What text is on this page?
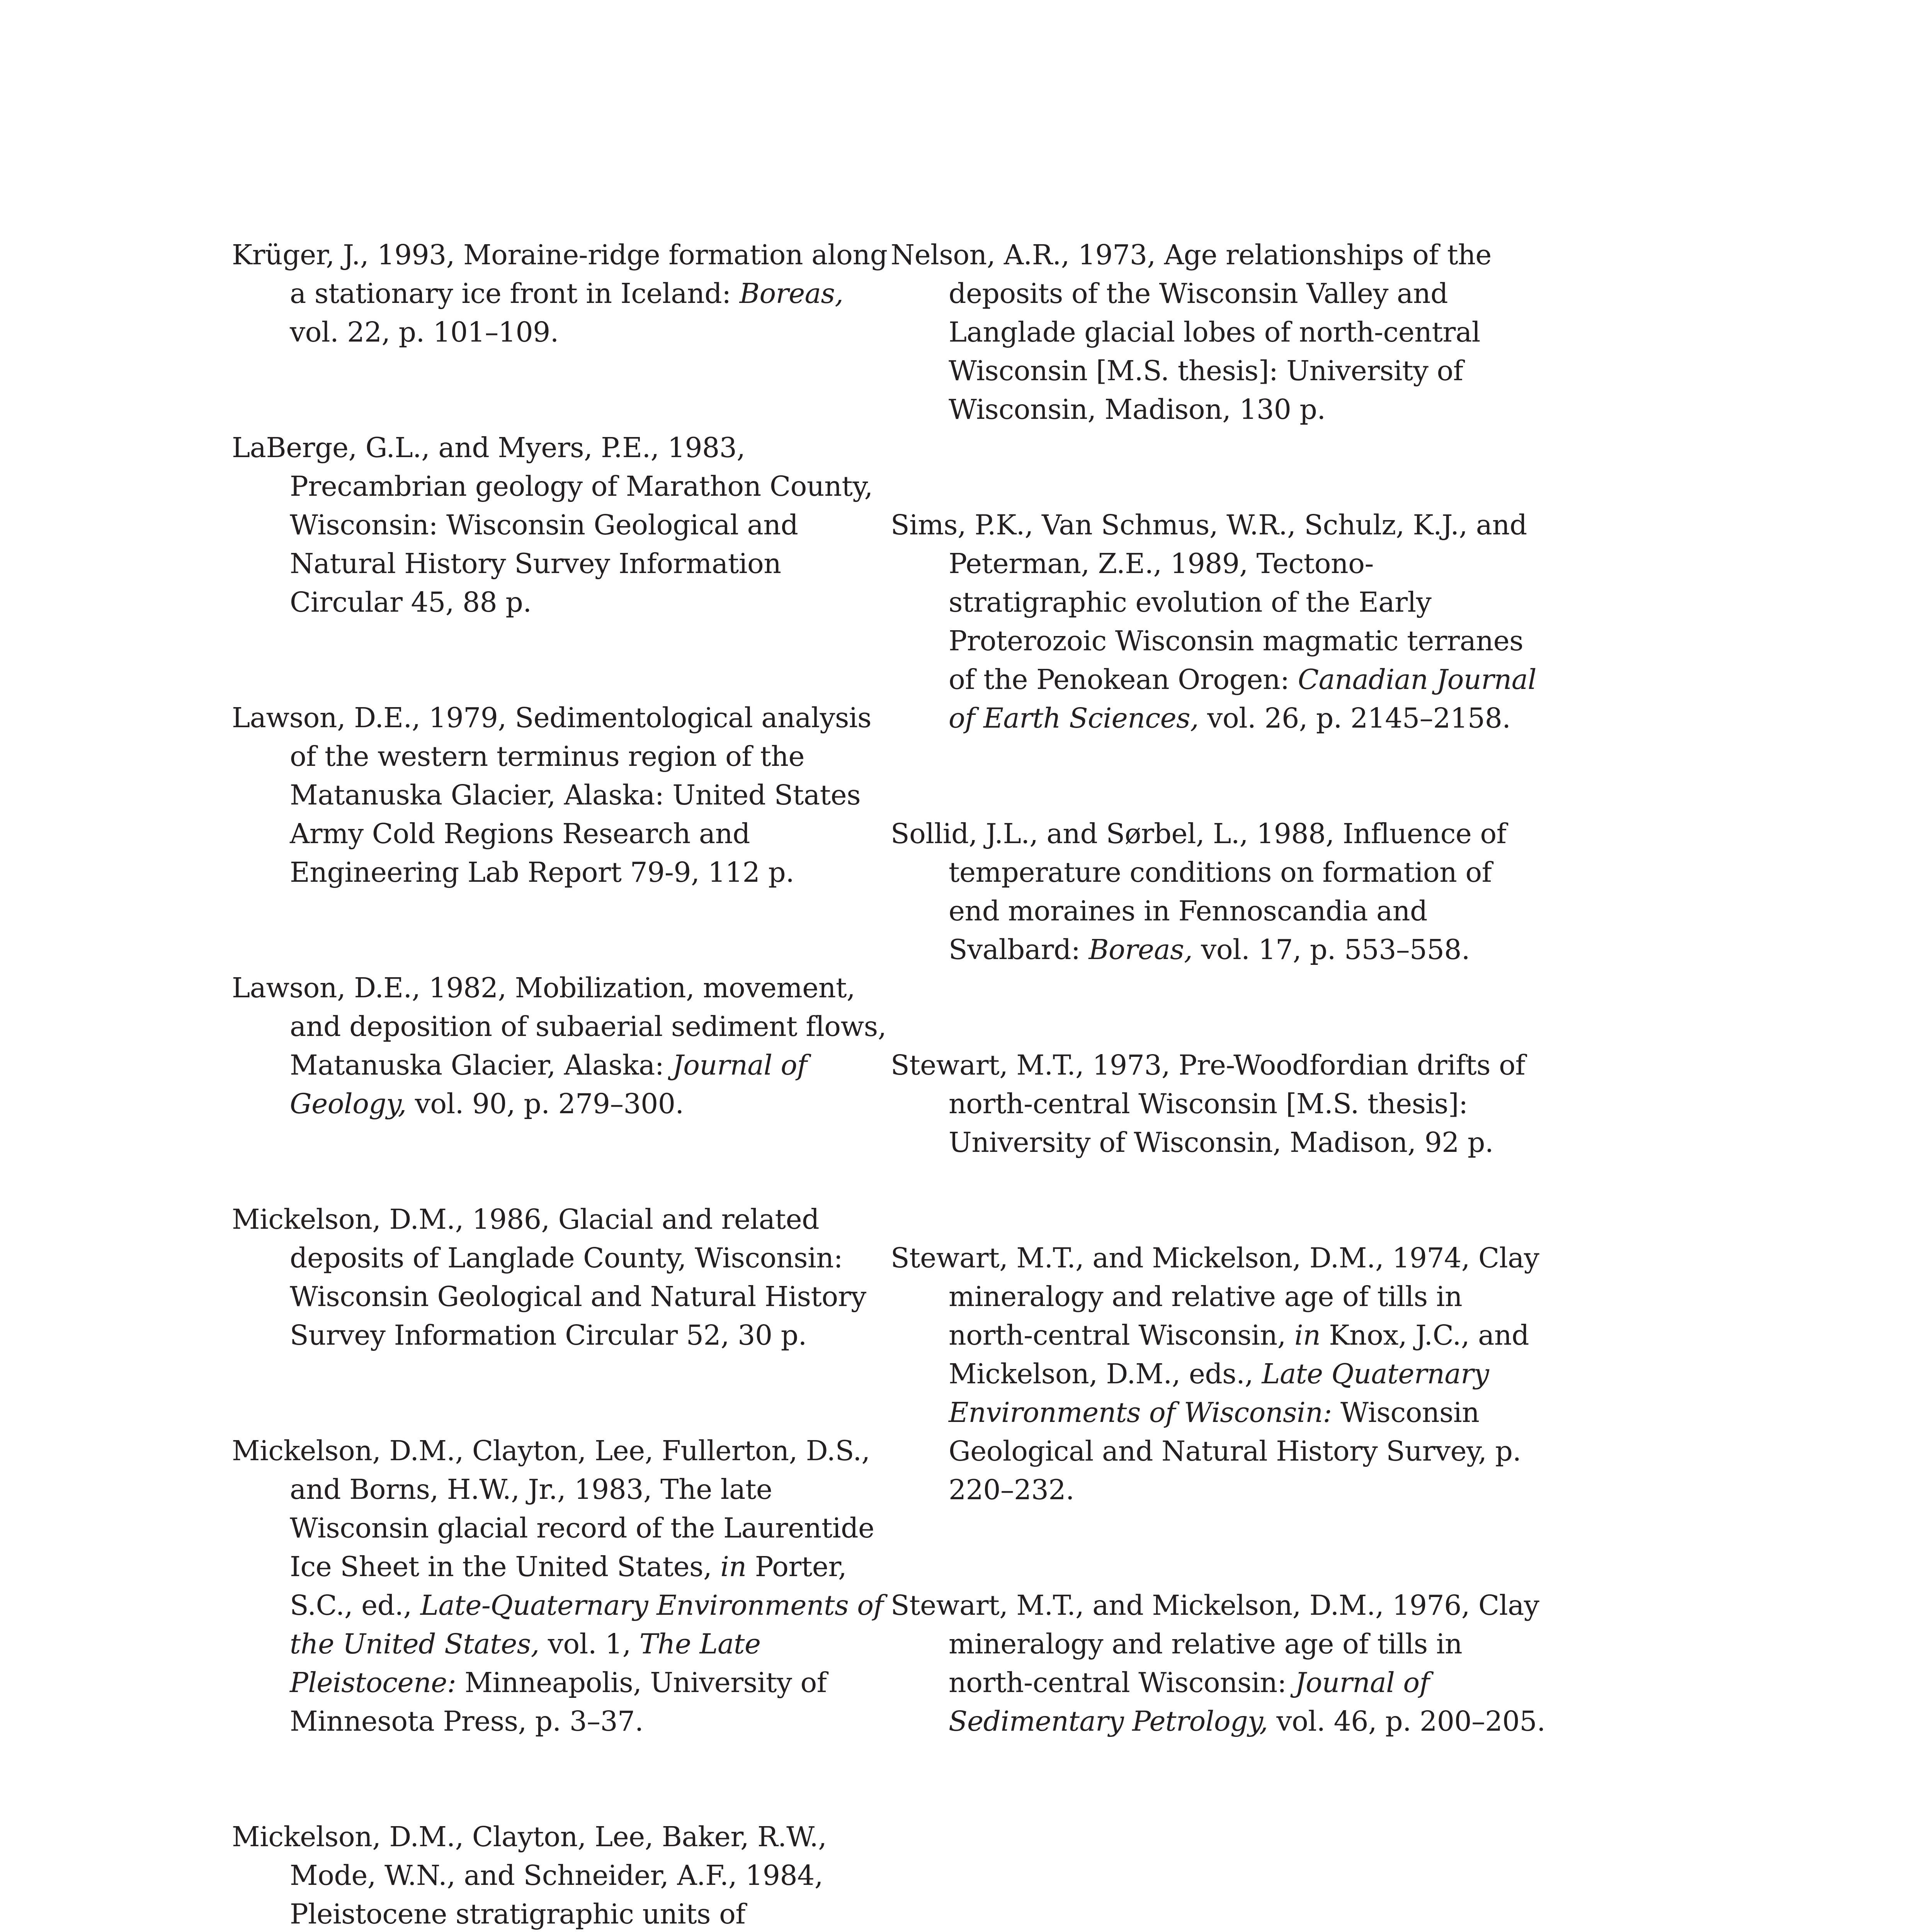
Krüger, J., 1993, Moraine-ridge formation along a stationary ice front in Iceland: Boreas, vol. 22, p. 101–109.

LaBerge, G.L., and Myers, P.E., 1983, Precambrian geology of Marathon County, Wisconsin: Wisconsin Geological and Natural History Survey Information Circular 45, 88 p.

Lawson, D.E., 1979, Sedimentological analysis of the western terminus region of the Matanuska Glacier, Alaska: United States Army Cold Regions Research and Engineering Lab Report 79-9, 112 p.

Lawson, D.E., 1982, Mobilization, movement, and deposition of subaerial sediment flows, Matanuska Glacier, Alaska: Journal of Geology, vol. 90, p. 279–300.

Mickelson, D.M., 1986, Glacial and related deposits of Langlade County, Wisconsin: Wisconsin Geological and Natural History Survey Information Circular 52, 30 p.

Mickelson, D.M., Clayton, Lee, Fullerton, D.S., and Borns, H.W., Jr., 1983, The late Wisconsin glacial record of the Laurentide Ice Sheet in the United States, in Porter, S.C., ed., Late-Quaternary Environments of the United States, vol. 1, The Late Pleistocene: Minneapolis, University of Minnesota Press, p. 3–37.

Mickelson, D.M., Clayton, Lee, Baker, R.W., Mode, W.N., and Schneider, A.F., 1984, Pleistocene stratigraphic units of

Nelson, A.R., 1973, Age relationships of the deposits of the Wisconsin Valley and Langlade glacial lobes of north-central Wisconsin [M.S. thesis]: University of Wisconsin, Madison, 130 p.

Sims, P.K., Van Schmus, W.R., Schulz, K.J., and Peterman, Z.E., 1989, Tectono-stratigraphic evolution of the Early Proterozoic Wisconsin magmatic terranes of the Penokean Orogen: Canadian Journal of Earth Sciences, vol. 26, p. 2145–2158.

Sollid, J.L., and Sørbel, L., 1988, Influence of temperature conditions on formation of end moraines in Fennoscandia and Svalbard: Boreas, vol. 17, p. 553–558.

Stewart, M.T., 1973, Pre-Woodfordian drifts of north-central Wisconsin [M.S. thesis]: University of Wisconsin, Madison, 92 p.

Stewart, M.T., and Mickelson, D.M., 1974, Clay mineralogy and relative age of tills in north-central Wisconsin, in Knox, J.C., and Mickelson, D.M., eds., Late Quaternary Environments of Wisconsin: Wisconsin Geological and Natural History Survey, p. 220–232.

Stewart, M.T., and Mickelson, D.M., 1976, Clay mineralogy and relative age of tills in north-central Wisconsin: Journal of Sedimentary Petrology, vol. 46, p. 200–205.
